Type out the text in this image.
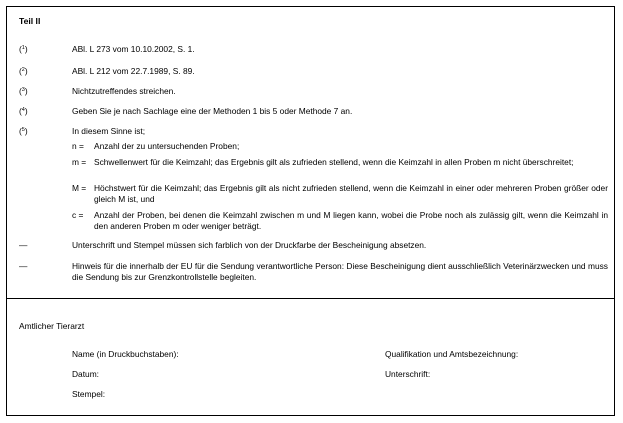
Teil II
($^1$)	ABl. L 273 vom 10.10.2002, S. 1.
($^2$)	ABl. L 212 vom 22.7.1989, S. 89.
($^3$)	Nichtzutreffendes streichen.
($^4$)	Geben Sie je nach Sachlage eine der Methoden 1 bis 5 oder Methode 7 an.
($^5$)	In diesem Sinne ist;
n = Anzahl der zu untersuchenden Proben;
m = Schwellenwert für die Keimzahl; das Ergebnis gilt als zufrieden stellend, wenn die Keimzahl in allen Proben m nicht überschreitet;
M = Höchstwert für die Keimzahl; das Ergebnis gilt als nicht zufrieden stellend, wenn die Keimzahl in einer oder mehreren Proben größer oder gleich M ist, und
c = Anzahl der Proben, bei denen die Keimzahl zwischen m und M liegen kann, wobei die Probe noch als zulässig gilt, wenn die Keimzahl in den anderen Proben m oder weniger beträgt.
—	Unterschrift und Stempel müssen sich farblich von der Druckfarbe der Bescheinigung absetzen.
—	Hinweis für die innerhalb der EU für die Sendung verantwortliche Person: Diese Bescheinigung dient ausschließlich Veterinärzwecken und muss die Sendung bis zur Grenzkontrollstelle begleiten.
Amtlicher Tierarzt
Name (in Druckbuchstaben):	Qualifikation und Amtsbezeichnung:
Datum:	Unterschrift:
Stempel:
